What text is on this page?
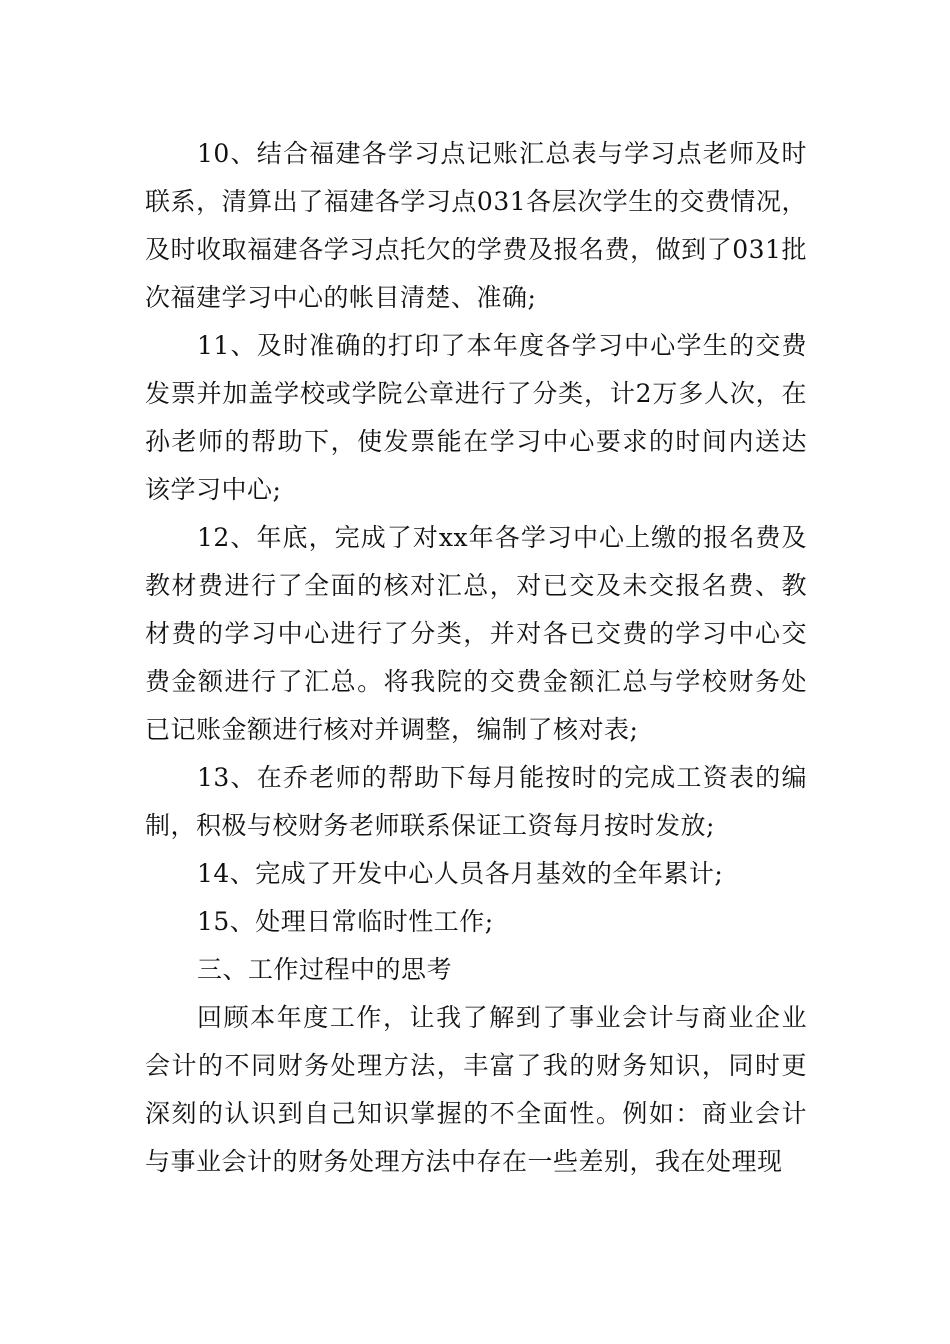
10、结合福建各学习点记账汇总表与学习点老师及时联系，清算出了福建各学习点031各层次学生的交费情况，及时收取福建各学习点托欠的学费及报名费，做到了031批次福建学习中心的帐目清楚、准确;

11、及时准确的打印了本年度各学习中心学生的交费发票并加盖学校或学院公章进行了分类，计2万多人次，在孙老师的帮助下，使发票能在学习中心要求的时间内送达该学习中心;

12、年底，完成了对xx年各学习中心上缴的报名费及教材费进行了全面的核对汇总，对已交及未交报名费、教材费的学习中心进行了分类，并对各已交费的学习中心交费金额进行了汇总。将我院的交费金额汇总与学校财务处已记账金额进行核对并调整，编制了核对表;

13、在乔老师的帮助下每月能按时的完成工资表的编制，积极与校财务老师联系保证工资每月按时发放;

14、完成了开发中心人员各月基效的全年累计;

15、处理日常临时性工作;

三、工作过程中的思考

回顾本年度工作，让我了解到了事业会计与商业企业会计的不同财务处理方法，丰富了我的财务知识，同时更深刻的认识到自己知识掌握的不全面性。例如：商业会计与事业会计的财务处理方法中存在一些差别，我在处理现
